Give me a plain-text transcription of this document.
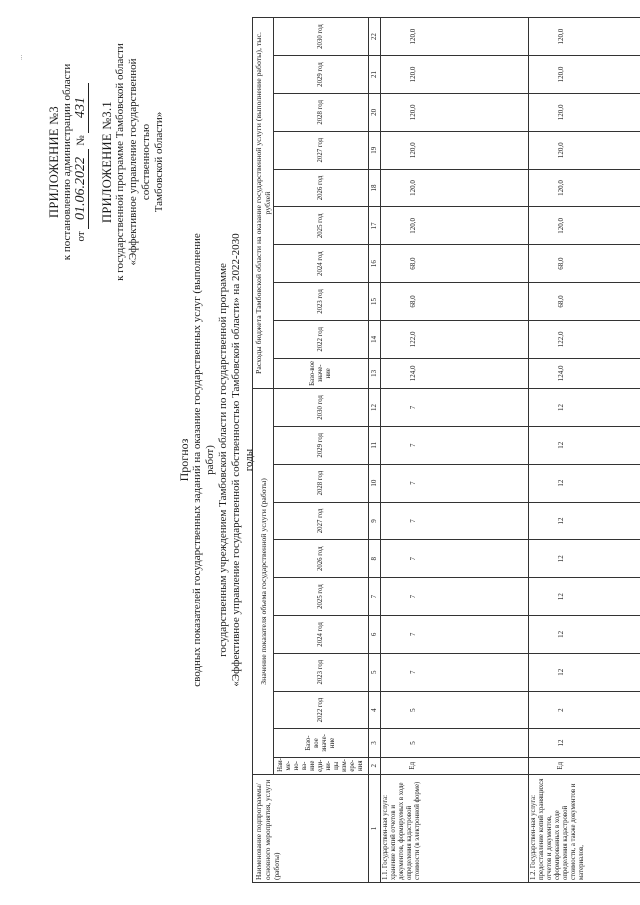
...
ПРИЛОЖЕНИЕ №3 к постановлению администрации области от 01.06.2022 № 431 ПРИЛОЖЕНИЕ №3.1 к государственной программе Тамбовской области «Эффективное управление государственной собственностью Тамбовской области»
Прогноз сводных показателей государственных заданий на оказание государственных услуг (выполнение работ) государственным учреждением Тамбовской области по государственной программе «Эффективное управление государственной собственностью Тамбовской области» на 2022-2030 годы
Наименование подпрограммы/ основного мероприятия, услуги (работы)	Значение показателя объема государственной услуги (работы)											Расходы бюджета Тамбовской области на оказание государственной услуги (выполнение работы), тыс. рублей									
	Наи-ме-но-ва-ние еди-ни-цы изм-ере-ния	Базо-вое значе-ние	2022 год	2023 год	2024 год	2025 год	2026 год	2027 год	2028 год	2029 год	2030 год	Базо-вое значе-ние	2022 год	2023 год	2024 год	2025 год	2026 год	2027 год	2028 год	2029 год	2030 год
1	2	3	4	5	6	7	8	9	10	11	12	13	14	15	16	17	18	19	20	21	22
1.1. Государствен-ная услуга: хранение копий отчетов и документов, формируемых в ходе определения кадастровой стоимости (в электронной форме)	Ед	5	5	7	7	7	7	7	7	7	7	124,0	122,0	68,0	68,0	120,0	120,0	120,0	120,0	120,0	120,0
1.2. Государствен-ная услуга: предоставление копий хранящихся отчетов и документов, сформированных в ходе определения кадастровой стоимости, а также документов и материалов,	Ед	12	2	12	12	12	12	12	12	12	12	124,0	122,0	68,0	68,0	120,0	120,0	120,0	120,0	120,0	120,0
